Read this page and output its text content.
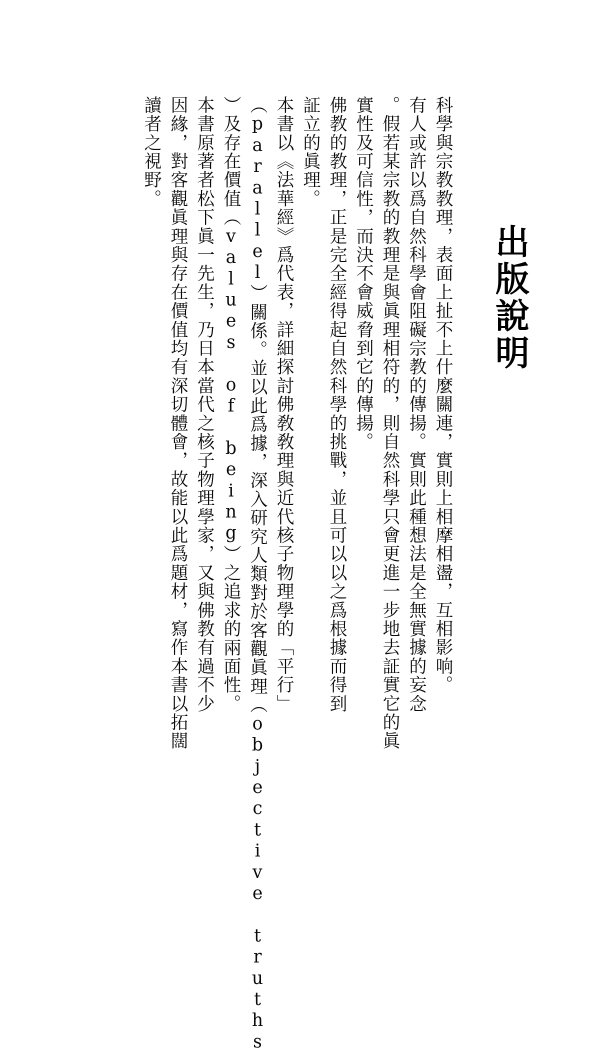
出版說明
科學與宗教教理，表面上扯不上什麼關連，實則上相摩相盪，互相影响。
有人或許以爲自然科學會阻礙宗教的傳揚。實則此種想法是全無實據的妄念
。假若某宗教的教理是與眞理相符的，則自然科學只會更進一步地去証實它的眞
實性及可信性，而決不會威脅到它的傳揚。
佛教的教理，正是完全經得起自然科學的挑戰，並且可以以之爲根據而得到
証立的眞理。
本書以《法華經》爲代表，詳細探討佛敎敎理與近代核子物理學的「平行」
（parallel）關係。並以此爲據，深入研究人類對於客觀眞理（objective truths
）及存在價值（values of being）之追求的兩面性。
本書原著者松下眞一先生，乃日本當代之核子物理學家，又與佛教有過不少
因緣，對客觀眞理與存在價值均有深切體會，故能以此爲題材，寫作本書以拓闊
讀者之視野。
